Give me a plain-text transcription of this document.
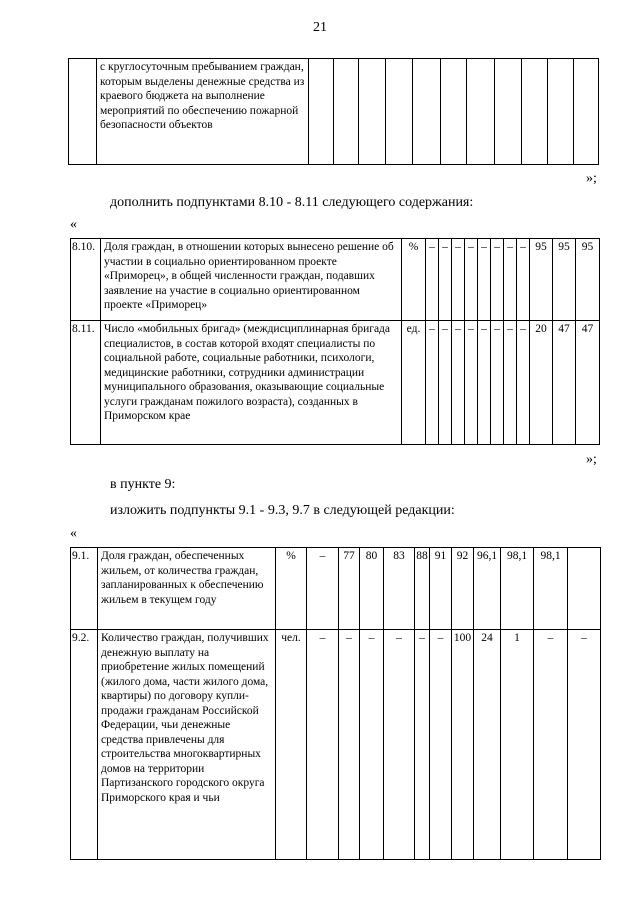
21
	с круглосуточным пребыванием граждан, которым выделены денежные средства из краевого бюджета на выполнение мероприятий по обеспечению пожарной безопасности объектов											
»;
дополнить подпунктами 8.10 - 8.11 следующего содержания:
«
8.10.	Доля граждан, в отношении которых вынесено решение об участии в социально ориентированном проекте «Приморец», в общей численности граждан, подавших заявление на участие в социально ориентированном проекте «Приморец»	%	–	–	–	–	–	–	–	–	95	95	95
8.11.	Число «мобильных бригад» (междисциплинарная бригада специалистов, в состав которой входят специалисты по социальной работе, социальные работники, психологи, медицинские работники, сотрудники администрации муниципального образования, оказывающие социальные услуги гражданам пожилого возраста), созданных в Приморском крае	ед.	–	–	–	–	–	–	–	–	20	47	47
»;
в пункте 9:
изложить подпункты 9.1 - 9.3, 9.7 в следующей редакции:
«
9.1.	Доля граждан, обеспеченных жильем, от количества граждан, запланированных к обеспечению жильем в текущем году	%	–	77	80	83	88	91	92	96,1	98,1	98,1	
9.2.	Количество граждан, получивших денежную выплату на приобретение жилых помещений (жилого дома, части жилого дома, квартиры) по договору купли-продажи гражданам Российской Федерации, чьи денежные средства привлечены для строительства многоквартирных домов на территории Партизанского городского округа Приморского края и чьи	чел.	–	–	–	–	–	–	100	24	1	–	–
